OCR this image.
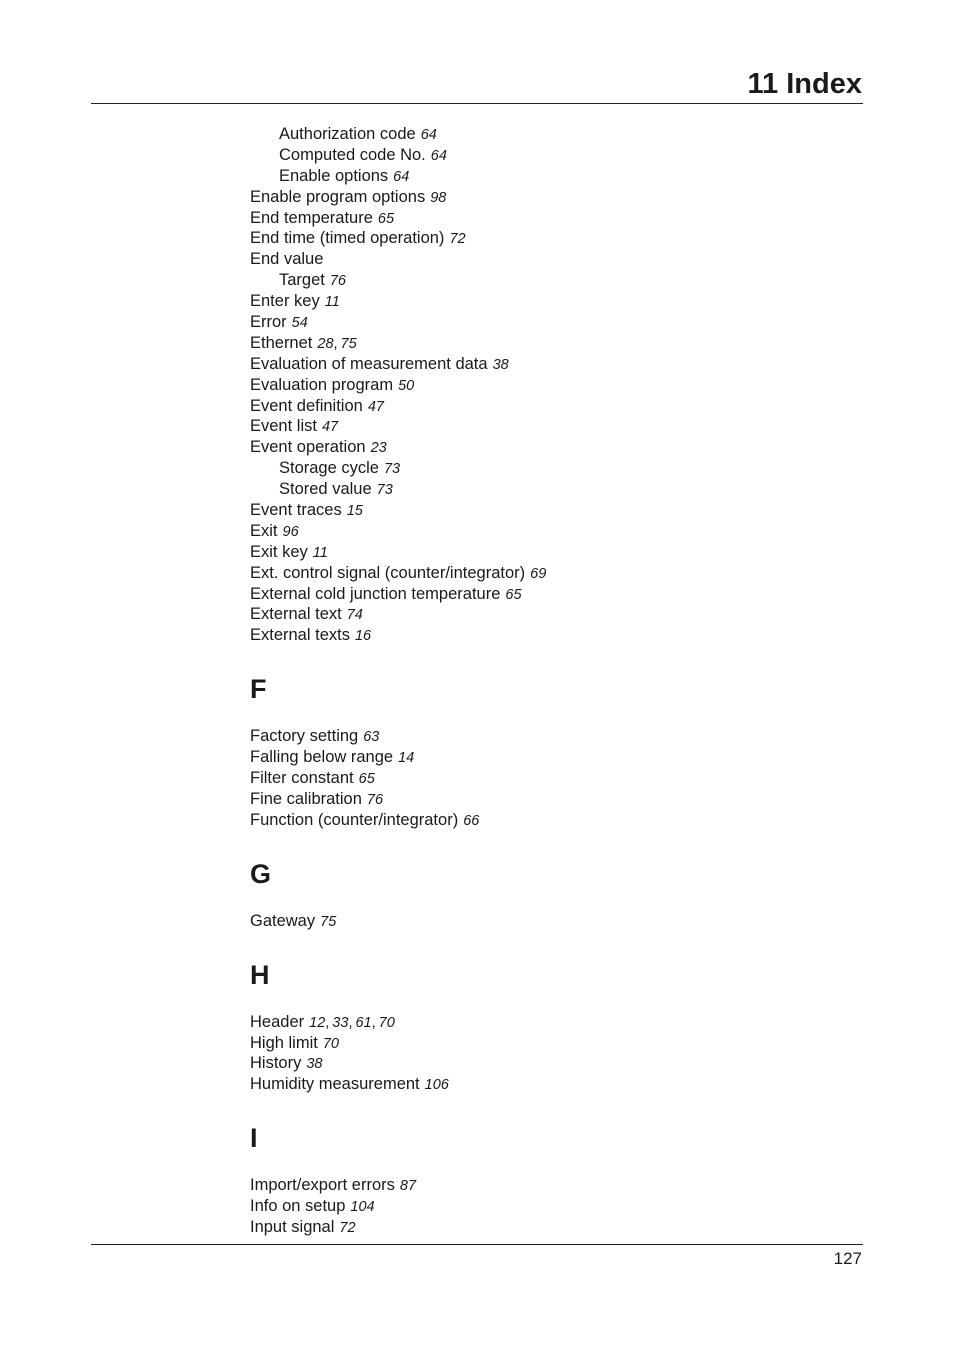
11 Index
Authorization code 64
Computed code No. 64
Enable options 64
Enable program options 98
End temperature 65
End time (timed operation) 72
End value
Target 76
Enter key 11
Error 54
Ethernet 28, 75
Evaluation of measurement data 38
Evaluation program 50
Event definition 47
Event list 47
Event operation 23
Storage cycle 73
Stored value 73
Event traces 15
Exit 96
Exit key 11
Ext. control signal (counter/integrator) 69
External cold junction temperature 65
External text 74
External texts 16
F
Factory setting 63
Falling below range 14
Filter constant 65
Fine calibration 76
Function (counter/integrator) 66
G
Gateway 75
H
Header 12, 33, 61, 70
High limit 70
History 38
Humidity measurement 106
I
Import/export errors 87
Info on setup 104
Input signal 72
127
